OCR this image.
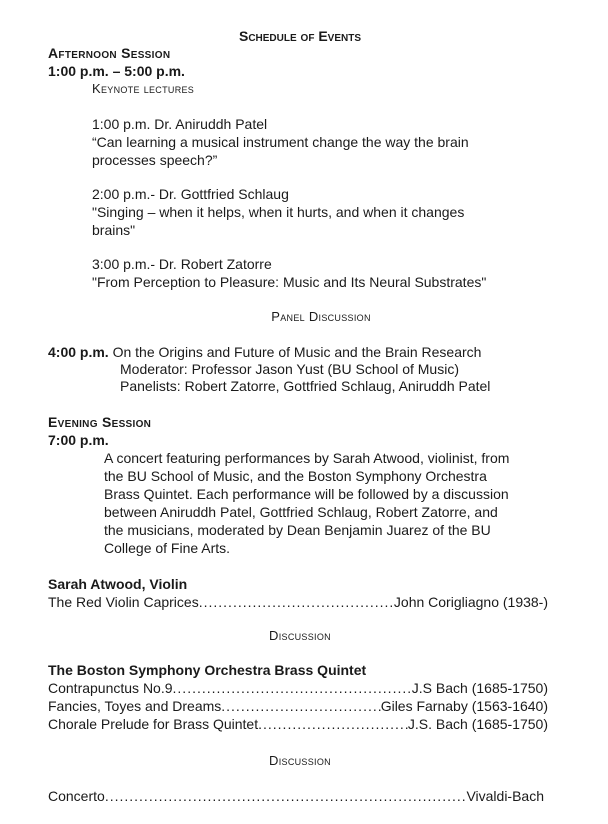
Schedule of Events
Afternoon Session
1:00 p.m. – 5:00 p.m.
Keynote lectures
1:00 p.m. Dr. Aniruddh Patel
“Can learning a musical instrument change the way the brain
processes speech?”
2:00 p.m.- Dr. Gottfried Schlaug
"Singing – when it helps, when it hurts, and when it changes
brains"
3:00 p.m.- Dr. Robert Zatorre
"From Perception to Pleasure: Music and Its Neural Substrates"
Panel Discussion
4:00 p.m. On the Origins and Future of Music and the Brain Research
Moderator: Professor Jason Yust (BU School of Music)
Panelists: Robert Zatorre, Gottfried Schlaug, Aniruddh Patel
Evening Session
7:00 p.m.
A concert featuring performances by Sarah Atwood, violinist, from
the BU School of Music, and the Boston Symphony Orchestra
Brass Quintet. Each performance will be followed by a discussion
between Aniruddh Patel, Gottfried Schlaug, Robert Zatorre, and
the musicians, moderated by Dean Benjamin Juarez of the BU
College of Fine Arts.
Sarah Atwood, Violin
The Red Violin Caprices .....	John Corigliagno (1938-)
Discussion
The Boston Symphony Orchestra Brass Quintet
Contrapunctus No.9 .....	J.S Bach (1685-1750)
Fancies, Toyes and Dreams .....	Giles Farnaby (1563-1640)
Chorale Prelude for Brass Quintet .....	J.S. Bach (1685-1750)
Discussion
Concerto .....	Vivaldi-Bach
